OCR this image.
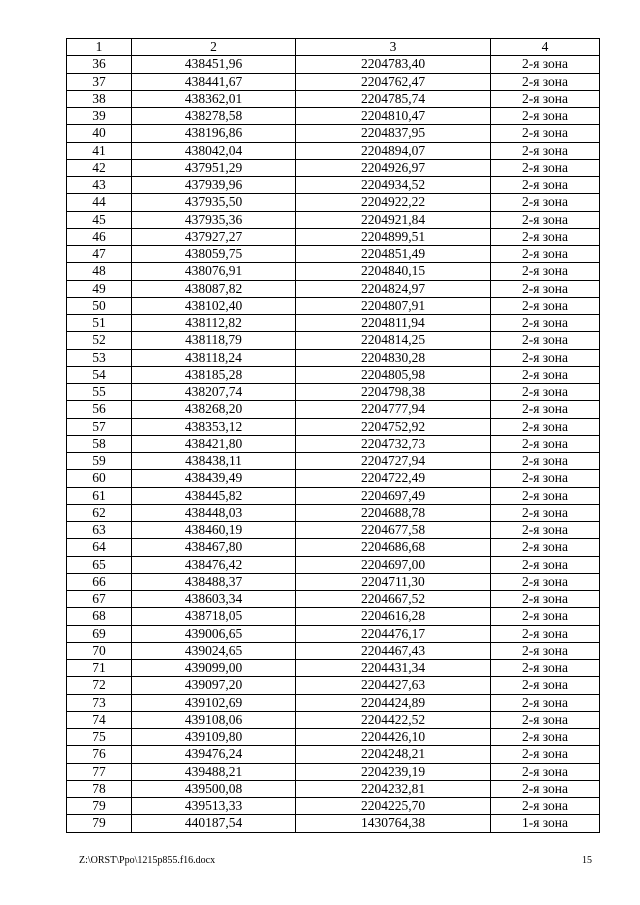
1	2	3	4
36	438451,96	2204783,40	2-я зона
37	438441,67	2204762,47	2-я зона
38	438362,01	2204785,74	2-я зона
39	438278,58	2204810,47	2-я зона
40	438196,86	2204837,95	2-я зона
41	438042,04	2204894,07	2-я зона
42	437951,29	2204926,97	2-я зона
43	437939,96	2204934,52	2-я зона
44	437935,50	2204922,22	2-я зона
45	437935,36	2204921,84	2-я зона
46	437927,27	2204899,51	2-я зона
47	438059,75	2204851,49	2-я зона
48	438076,91	2204840,15	2-я зона
49	438087,82	2204824,97	2-я зона
50	438102,40	2204807,91	2-я зона
51	438112,82	2204811,94	2-я зона
52	438118,79	2204814,25	2-я зона
53	438118,24	2204830,28	2-я зона
54	438185,28	2204805,98	2-я зона
55	438207,74	2204798,38	2-я зона
56	438268,20	2204777,94	2-я зона
57	438353,12	2204752,92	2-я зона
58	438421,80	2204732,73	2-я зона
59	438438,11	2204727,94	2-я зона
60	438439,49	2204722,49	2-я зона
61	438445,82	2204697,49	2-я зона
62	438448,03	2204688,78	2-я зона
63	438460,19	2204677,58	2-я зона
64	438467,80	2204686,68	2-я зона
65	438476,42	2204697,00	2-я зона
66	438488,37	2204711,30	2-я зона
67	438603,34	2204667,52	2-я зона
68	438718,05	2204616,28	2-я зона
69	439006,65	2204476,17	2-я зона
70	439024,65	2204467,43	2-я зона
71	439099,00	2204431,34	2-я зона
72	439097,20	2204427,63	2-я зона
73	439102,69	2204424,89	2-я зона
74	439108,06	2204422,52	2-я зона
75	439109,80	2204426,10	2-я зона
76	439476,24	2204248,21	2-я зона
77	439488,21	2204239,19	2-я зона
78	439500,08	2204232,81	2-я зона
79	439513,33	2204225,70	2-я зона
79	440187,54	1430764,38	1-я зона
Z:\ORST\Ppo\1215p855.f16.docx	15
